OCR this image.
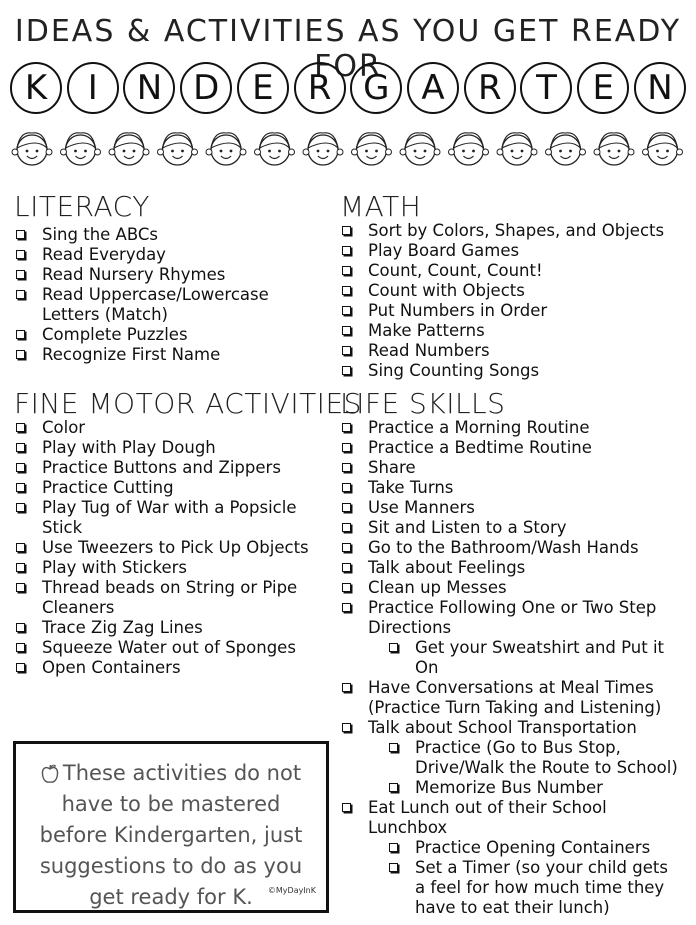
IDEAS & ACTIVITIES AS YOU GET READY FOR
K	I	N D E	R G A R	T	E N
LITERACY
Sing the ABCs
Read Everyday
Read Nursery Rhymes
Read Uppercase/Lowercase Letters (Match)
Complete Puzzles
Recognize First Name
FINE MOTOR ACTIVITIES
Color
Play with Play Dough
Practice Buttons and Zippers
Practice Cutting
Play Tug of War with a Popsicle Stick
Use Tweezers to Pick Up Objects
Play with Stickers
Thread beads on String or Pipe Cleaners
Trace Zig Zag Lines
Squeeze Water out of Sponges
Open Containers
MATH
Sort by Colors, Shapes, and Objects
Play Board Games
Count, Count, Count!
Count with Objects
Put Numbers in Order
Make Patterns
Read Numbers
Sing Counting Songs
LIFE SKILLS
Practice a Morning Routine
Practice a Bedtime Routine
Share
Take Turns
Use Manners
Sit and Listen to a Story
Go to the Bathroom/Wash Hands
Talk about Feelings
Clean up Messes
Practice Following One or Two Step Directions
Get your Sweatshirt and Put it On
Have Conversations at Meal Times (Practice Turn Taking and Listening)
Talk about School Transportation
Practice (Go to Bus Stop, Drive/Walk the Route to School)
Memorize Bus Number
Eat Lunch out of their School Lunchbox
Practice Opening Containers
Set a Timer (so your child gets a feel for how much time they have to eat their lunch)
These activities do not have to be mastered before Kindergarten, just suggestions to do as you get ready for K. ©MyDayInK
